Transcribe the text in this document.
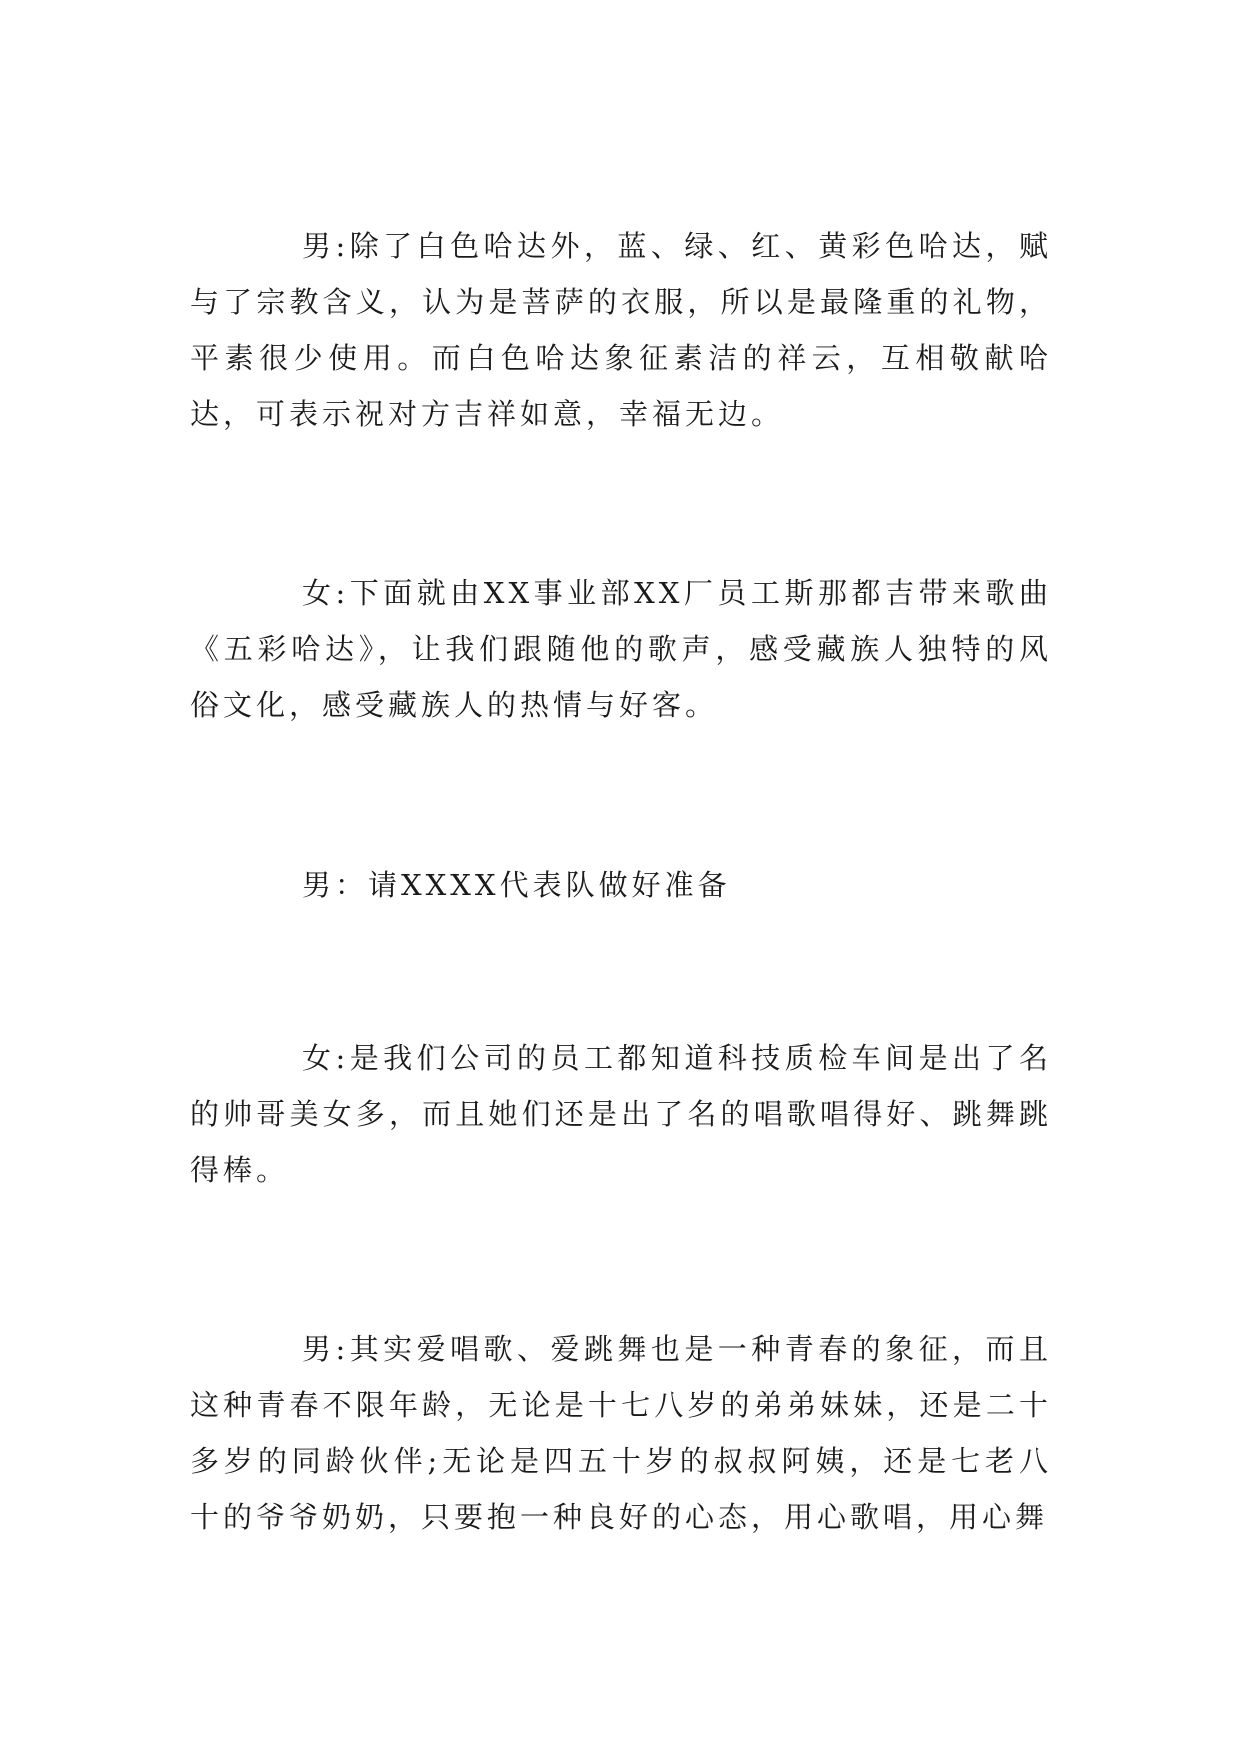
男:除了白色哈达外，蓝、绿、红、黄彩色哈达，赋与了宗教含义，认为是菩萨的衣服，所以是最隆重的礼物，平素很少使用。而白色哈达象征素洁的祥云，互相敬献哈达，可表示祝对方吉祥如意，幸福无边。

女:下面就由XX事业部XX厂员工斯那都吉带来歌曲《五彩哈达》，让我们跟随他的歌声，感受藏族人独特的风俗文化，感受藏族人的热情与好客。

男：请XXXX代表队做好准备

女:是我们公司的员工都知道科技质检车间是出了名的帅哥美女多，而且她们还是出了名的唱歌唱得好、跳舞跳得棒。

男:其实爱唱歌、爱跳舞也是一种青春的象征，而且这种青春不限年龄，无论是十七八岁的弟弟妹妹，还是二十多岁的同龄伙伴;无论是四五十岁的叔叔阿姨，还是七老八十的爷爷奶奶，只要抱一种良好的心态，用心歌唱，用心舞
